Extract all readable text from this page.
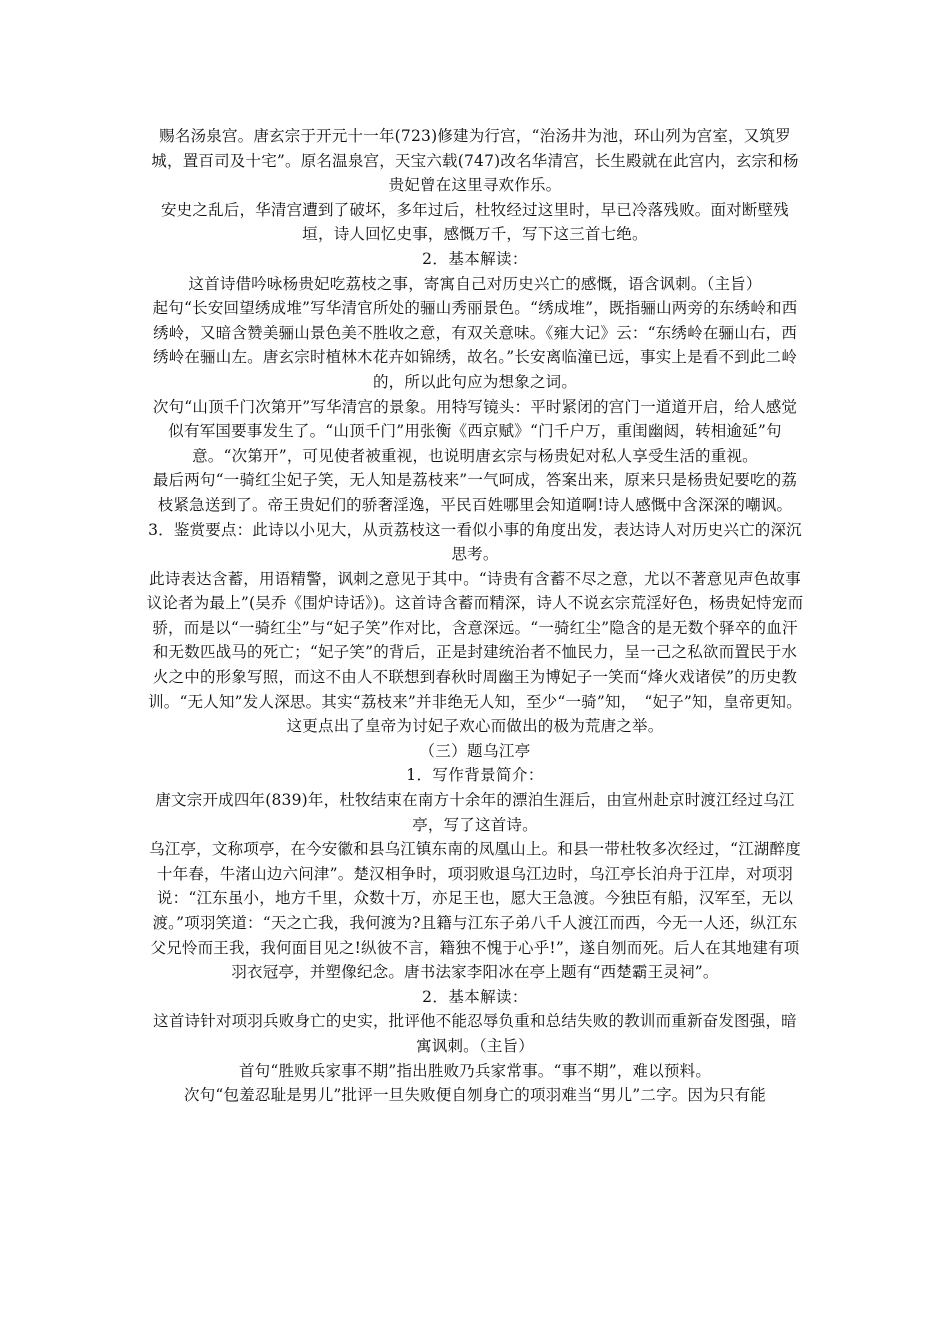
赐名汤泉宫。唐玄宗于开元十一年(723)修建为行宫，“治汤井为池，环山列为宫室，又筑罗城，置百司及十宅”。原名温泉宫，天宝六载(747)改名华清宫，长生殿就在此宫内，玄宗和杨贵妃曾在这里寻欢作乐。

安史之乱后，华清宫遭到了破坏，多年过后，杜牧经过这里时，早已冷落残败。面对断壁残垣，诗人回忆史事，感慨万千，写下这三首七绝。

2．基本解读：

这首诗借吟咏杨贵妃吃荔枝之事，寄寓自己对历史兴亡的感慨，语含讽刺。（主旨）

起句“长安回望绣成堆”写华清官所处的骊山秀丽景色。“绣成堆”，既指骊山两旁的东绣岭和西绣岭，又暗含赞美骊山景色美不胜收之意，有双关意味。《雍大记》云：“东绣岭在骊山右，西绣岭在骊山左。唐玄宗时植林木花卉如锦绣，故名。”长安离临潼已远，事实上是看不到此二岭的，所以此句应为想象之词。

次句“山顶千门次第开”写华清宫的景象。用特写镜头：平时紧闭的宫门一道道开启，给人感觉似有军国要事发生了。“山顶千门”用张衡《西京赋》“门千户万，重闺幽闼，转相逾延”句意。“次第开”，可见使者被重视，也说明唐玄宗与杨贵妃对私人享受生活的重视。

最后两句“一骑红尘妃子笑，无人知是荔枝来”一气呵成，答案出来，原来只是杨贵妃要吃的荔枝紧急送到了。帝王贵妃们的骄奢淫逸，平民百姓哪里会知道啊!诗人感慨中含深深的嘲讽。

3．鉴赏要点：此诗以小见大，从贡荔枝这一看似小事的角度出发，表达诗人对历史兴亡的深沉思考。

此诗表达含蓄，用语精警，讽刺之意见于其中。“诗贵有含蓄不尽之意，尤以不著意见声色故事议论者为最上”(吴乔《围炉诗话》)。这首诗含蓄而精深，诗人不说玄宗荒淫好色，杨贵妃恃宠而骄，而是以“一骑红尘”与“妃子笑”作对比，含意深远。“一骑红尘”隐含的是无数个驿卒的血汗和无数匹战马的死亡；“妃子笑”的背后，正是封建统治者不恤民力，呈一己之私欲而置民于水火之中的形象写照，而这不由人不联想到春秋时周幽王为博妃子一笑而“烽火戏诸侯”的历史教训。“无人知”发人深思。其实“荔枝来”并非绝无人知，至少“一骑”知，　“妃子”知，皇帝更知。这更点出了皇帝为讨妃子欢心而做出的极为荒唐之举。

（三）题乌江亭

1．写作背景简介：

唐文宗开成四年(839)年，杜牧结束在南方十余年的漂泊生涯后，由宣州赴京时渡江经过乌江亭，写了这首诗。

乌江亭，文称项亭，在今安徽和县乌江镇东南的凤凰山上。和县一带杜牧多次经过，“江湖醉度十年春，牛渚山边六问津”。楚汉相争时，项羽败退乌江边时，乌江亭长泊舟于江岸，对项羽说：“江东虽小，地方千里，众数十万，亦足王也，愿大王急渡。今独臣有船，汉军至，无以渡。”项羽笑道：“天之亡我，我何渡为?且籍与江东子弟八千人渡江而西，今无一人还，纵江东父兄怜而王我，我何面目见之!纵彼不言，籍独不愧于心乎!”，遂自刎而死。后人在其地建有项羽衣冠亭，并塑像纪念。唐书法家李阳冰在亭上题有“西楚霸王灵祠”。

2．基本解读：

这首诗针对项羽兵败身亡的史实，批评他不能忍辱负重和总结失败的教训而重新奋发图强，暗寓讽刺。（主旨）

首句“胜败兵家事不期”指出胜败乃兵家常事。“事不期”，难以预料。

次句“包羞忍耻是男儿”批评一旦失败便自刎身亡的项羽难当“男儿”二字。因为只有能
